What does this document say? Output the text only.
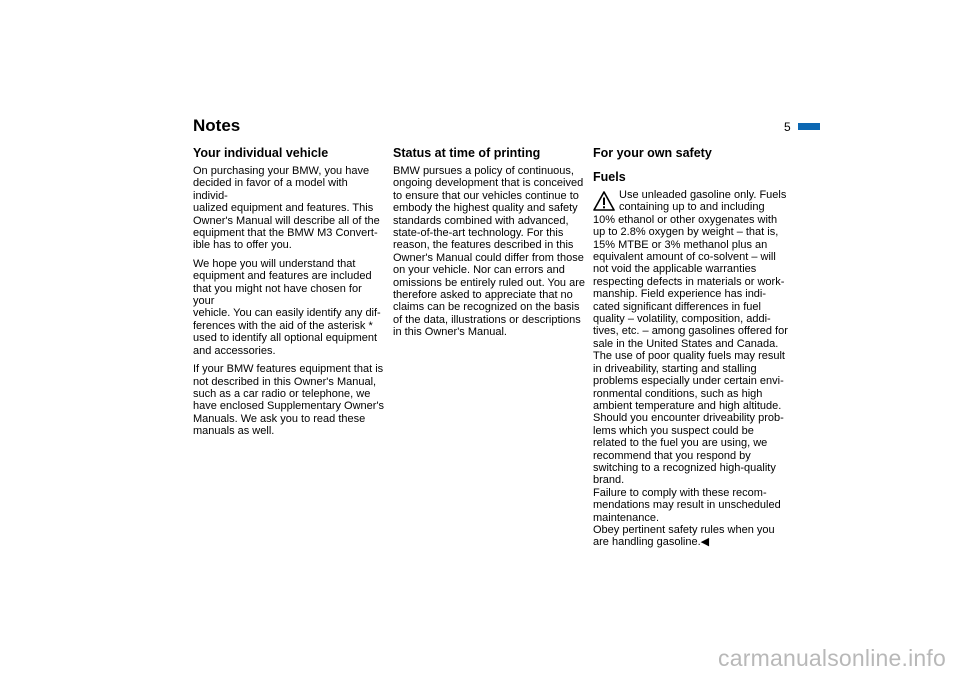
Notes	5
Your individual vehicle

On purchasing your BMW, you have
decided in favor of a model with individ-
ualized equipment and features. This
Owner's Manual will describe all of the
equipment that the BMW M3 Convert-
ible has to offer you.

We hope you will understand that
equipment and features are included
that you might not have chosen for your
vehicle. You can easily identify any dif-
ferences with the aid of the asterisk *
used to identify all optional equipment
and accessories.

If your BMW features equipment that is
not described in this Owner's Manual,
such as a car radio or telephone, we
have enclosed Supplementary Owner's
Manuals. We ask you to read these
manuals as well.

Status at time of printing

BMW pursues a policy of continuous,
ongoing development that is conceived
to ensure that our vehicles continue to
embody the highest quality and safety
standards combined with advanced,
state-of-the-art technology. For this
reason, the features described in this
Owner's Manual could differ from those
on your vehicle. Nor can errors and
omissions be entirely ruled out. You are
therefore asked to appreciate that no
claims can be recognized on the basis
of the data, illustrations or descriptions
in this Owner's Manual.

For your own safety
Fuels

Use unleaded gasoline only. Fuels
containing up to and including
10% ethanol or other oxygenates with
up to 2.8% oxygen by weight – that is,
15% MTBE or 3% methanol plus an
equivalent amount of co-solvent – will
not void the applicable warranties
respecting defects in materials or work-
manship. Field experience has indi-
cated significant differences in fuel
quality – volatility, composition, addi-
tives, etc. – among gasolines offered for
sale in the United States and Canada.
The use of poor quality fuels may result
in driveability, starting and stalling
problems especially under certain envi-
ronmental conditions, such as high
ambient temperature and high altitude.
Should you encounter driveability prob-
lems which you suspect could be
related to the fuel you are using, we
recommend that you respond by
switching to a recognized high-quality
brand.
Failure to comply with these recom-
mendations may result in unscheduled
maintenance.
Obey pertinent safety rules when you
are handling gasoline.◀

carmanualsonline.info
